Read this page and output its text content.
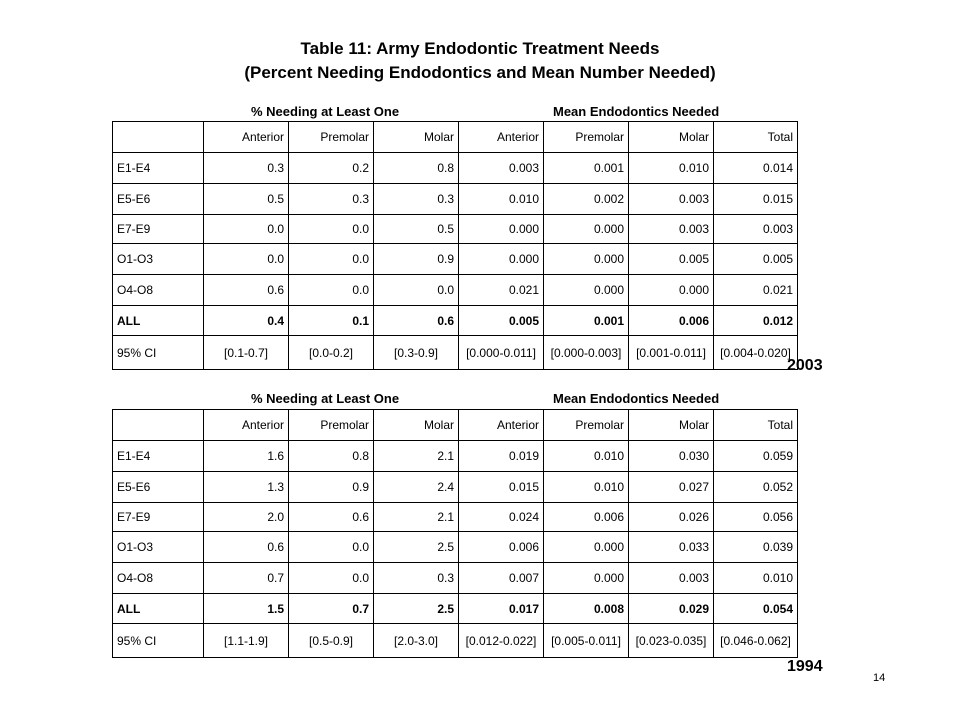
Table 11: Army Endodontic Treatment Needs
(Percent Needing Endodontics and Mean Number Needed)
% Needing at Least One	Mean Endodontics Needed
	Anterior	Premolar	Molar	Anterior	Premolar	Molar	Total
E1-E4	0.3	0.2	0.8	0.003	0.001	0.010	0.014
E5-E6	0.5	0.3	0.3	0.010	0.002	0.003	0.015
E7-E9	0.0	0.0	0.5	0.000	0.000	0.003	0.003
O1-O3	0.0	0.0	0.9	0.000	0.000	0.005	0.005
O4-O8	0.6	0.0	0.0	0.021	0.000	0.000	0.021
ALL	0.4	0.1	0.6	0.005	0.001	0.006	0.012
95% CI	[0.1-0.7]	[0.0-0.2]	[0.3-0.9]	[0.000-0.011]	[0.000-0.003]	[0.001-0.011]	[0.004-0.020]
2003
% Needing at Least One	Mean Endodontics Needed
	Anterior	Premolar	Molar	Anterior	Premolar	Molar	Total
E1-E4	1.6	0.8	2.1	0.019	0.010	0.030	0.059
E5-E6	1.3	0.9	2.4	0.015	0.010	0.027	0.052
E7-E9	2.0	0.6	2.1	0.024	0.006	0.026	0.056
O1-O3	0.6	0.0	2.5	0.006	0.000	0.033	0.039
O4-O8	0.7	0.0	0.3	0.007	0.000	0.003	0.010
ALL	1.5	0.7	2.5	0.017	0.008	0.029	0.054
95% CI	[1.1-1.9]	[0.5-0.9]	[2.0-3.0]	[0.012-0.022]	[0.005-0.011]	[0.023-0.035]	[0.046-0.062]
1994
14
